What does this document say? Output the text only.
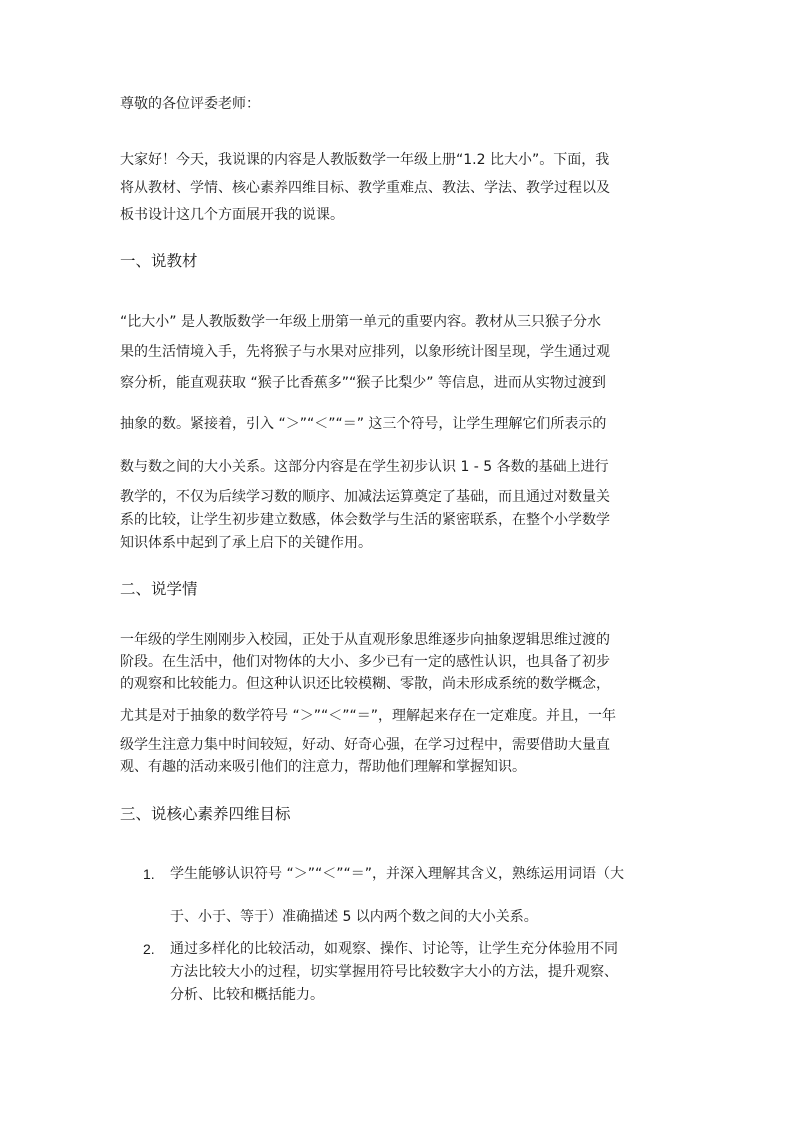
尊敬的各位评委老师：
大家好！今天，我说课的内容是人教版数学一年级上册“1.2 比大小”。下面，我
将从教材、学情、核心素养四维目标、教学重难点、教法、学法、教学过程以及
板书设计这几个方面展开我的说课。
一、说教材
“比大小” 是人教版数学一年级上册第一单元的重要内容。教材从三只猴子分水
果的生活情境入手，先将猴子与水果对应排列，以象形统计图呈现，学生通过观
察分析，能直观获取 “猴子比香蕉多”“猴子比梨少” 等信息，进而从实物过渡到
抽象的数。紧接着，引入 “＞”“＜”“＝” 这三个符号，让学生理解它们所表示的
数与数之间的大小关系。这部分内容是在学生初步认识 1 - 5 各数的基础上进行
教学的，不仅为后续学习数的顺序、加减法运算奠定了基础，而且通过对数量关
系的比较，让学生初步建立数感，体会数学与生活的紧密联系，在整个小学数学
知识体系中起到了承上启下的关键作用。
二、说学情
一年级的学生刚刚步入校园，正处于从直观形象思维逐步向抽象逻辑思维过渡的
阶段。在生活中，他们对物体的大小、多少已有一定的感性认识，也具备了初步
的观察和比较能力。但这种认识还比较模糊、零散，尚未形成系统的数学概念，
尤其是对于抽象的数学符号 “＞”“＜”“＝”，理解起来存在一定难度。并且，一年
级学生注意力集中时间较短，好动、好奇心强，在学习过程中，需要借助大量直
观、有趣的活动来吸引他们的注意力，帮助他们理解和掌握知识。
三、说核心素养四维目标
1. 学生能够认识符号 “＞”“＜”“＝”，并深入理解其含义，熟练运用词语（大
于、小于、等于）准确描述 5 以内两个数之间的大小关系。
2. 通过多样化的比较活动，如观察、操作、讨论等，让学生充分体验用不同
方法比较大小的过程，切实掌握用符号比较数字大小的方法，提升观察、
分析、比较和概括能力。
